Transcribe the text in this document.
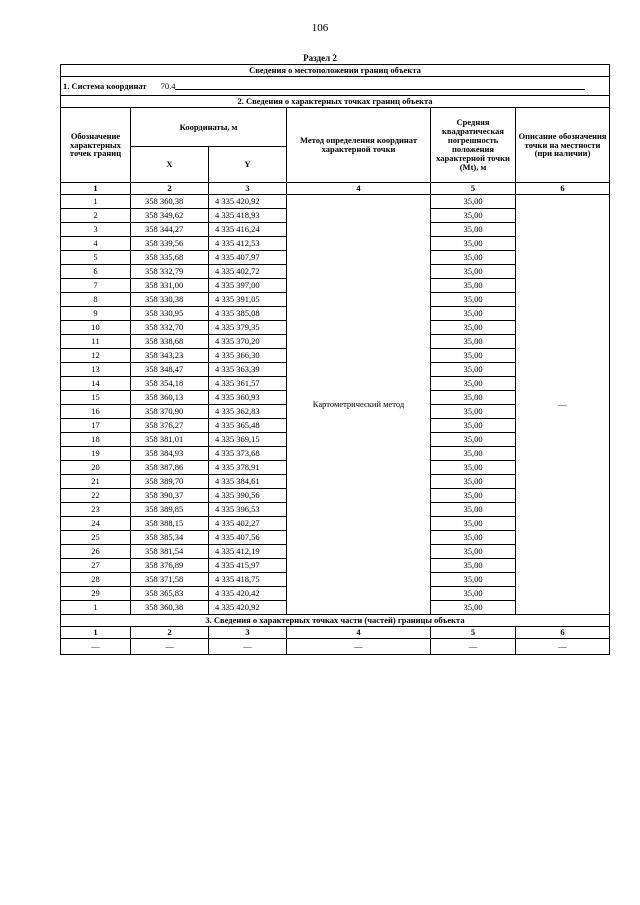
106
Раздел 2
Сведения о местоположении границ объекта					
1. Система координат 70.4					
2. Сведения о характерных точках границ объекта					
Обозначение характерных точек границ	Координаты, м		Метод определения координат характерной точки	Средняя квадратическая погрешность положения характерной точки (Mt), м	Описание обозначения точки на местности (при наличии)
	X	Y			
1	2	3	4	5	6
1	358 360,38	4 335 420,92	Картометрический метод	35,00	—
2	358 349,62	4 335 418,93		35,00	
3	358 344,27	4 335 416,24		35,00	
4	358 339,56	4 335 412,53		35,00	
5	358 335,68	4 335 407,97		35,00	
6	358 332,79	4 335 402,72		35,00	
7	358 331,00	4 335 397,00		35,00	
8	358 330,38	4 335 391,05		35,00	
9	358 330,95	4 335 385,08		35,00	
10	358 332,70	4 335 379,35		35,00	
11	358 338,68	4 335 370,20		35,00	
12	358 343,23	4 335 366,30		35,00	
13	358 348,47	4 335 363,39		35,00	
14	358 354,18	4 335 361,57		35,00	
15	358 360,13	4 335 360,93		35,00	
16	358 370,90	4 335 362,83		35,00	
17	358 376,27	4 335 365,48		35,00	
18	358 381,01	4 335 369,15		35,00	
19	358 384,93	4 335 373,68		35,00	
20	358 387,86	4 335 378,91		35,00	
21	358 389,70	4 335 384,61		35,00	
22	358 390,37	4 335 390,56		35,00	
23	358 389,85	4 335 396,53		35,00	
24	358 388,15	4 335 402,27		35,00	
25	358 385,34	4 335 407,56		35,00	
26	358 381,54	4 335 412,19		35,00	
27	358 376,89	4 335 415,97		35,00	
28	358 371,58	4 335 418,75		35,00	
29	358 365,83	4 335 420,42		35,00	
1	358 360,38	4 335 420,92		35,00	
3. Сведения о характерных точках части (частей) границы объекта					
1	2	3	4	5	6
—	—	—	—	—	—
